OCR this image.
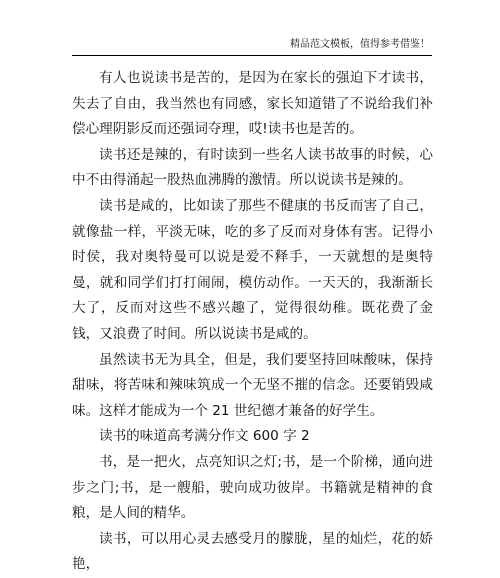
精品范文模板，值得参考借鉴！

有人也说读书是苦的，是因为在家长的强迫下才读书，失去了自由，我当然也有同感，家长知道错了不说给我们补偿心理阴影反而还强词夺理，哎!读书也是苦的。

读书还是辣的，有时读到一些名人读书故事的时候，心中不由得涌起一股热血沸腾的激情。所以说读书是辣的。

读书是咸的，比如读了那些不健康的书反而害了自己，就像盐一样，平淡无味，吃的多了反而对身体有害。记得小时侯，我对奥特曼可以说是爱不释手，一天就想的是奥特曼，就和同学们打打闹闹，模仿动作。一天天的，我渐渐长大了，反而对这些不感兴趣了，觉得很幼稚。既花费了金钱，又浪费了时间。所以说读书是咸的。

虽然读书无为具全，但是，我们要坚持回味酸味，保持甜味，将苦味和辣味筑成一个无坚不摧的信念。还要销毁咸味。这样才能成为一个 21 世纪德才兼备的好学生。

读书的味道高考满分作文 600 字 2

书，是一把火，点亮知识之灯;书，是一个阶梯，通向进步之门;书，是一艘船，驶向成功彼岸。书籍就是精神的食粮，是人间的精华。

读书，可以用心灵去感受月的朦胧，星的灿烂，花的娇艳，
